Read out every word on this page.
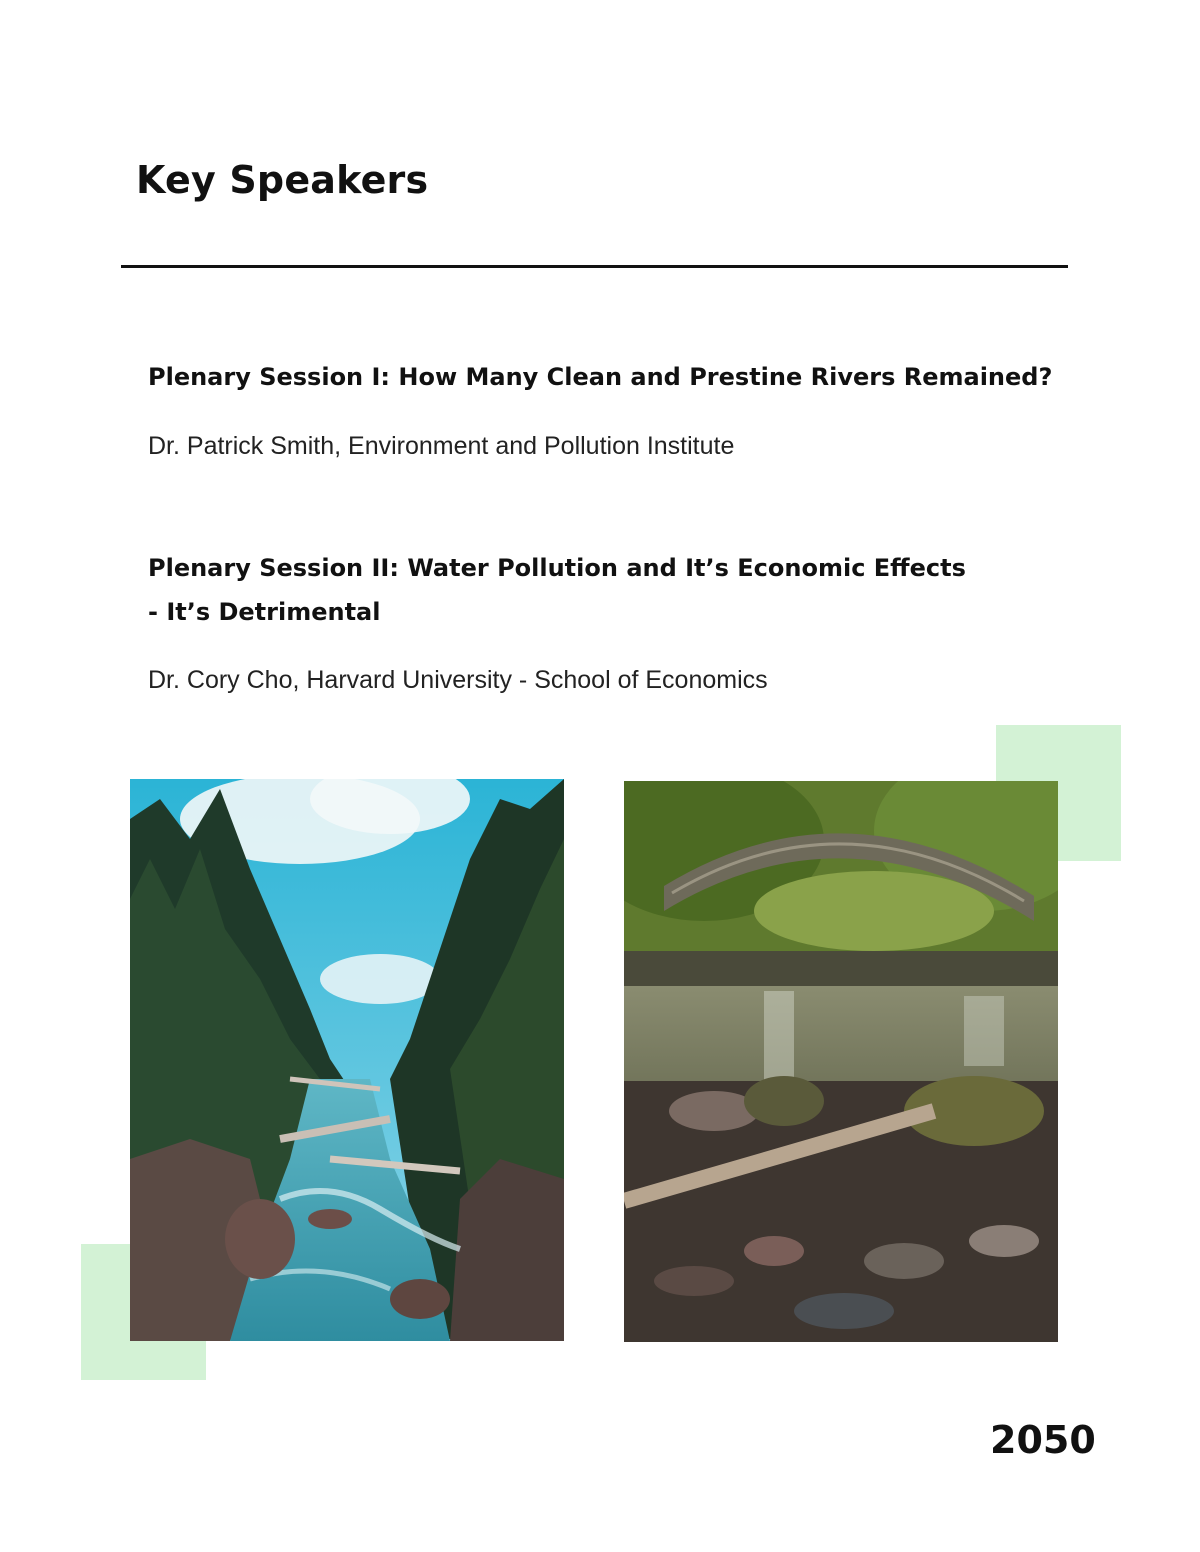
Key Speakers
Plenary Session I: How Many Clean and Prestine Rivers Remained?

Dr. Patrick Smith, Environment and Pollution Institute

Plenary Session II: Water Pollution and It’s Economic Effects
- It’s Detrimental

Dr. Cory Cho, Harvard University - School of Economics

2050
